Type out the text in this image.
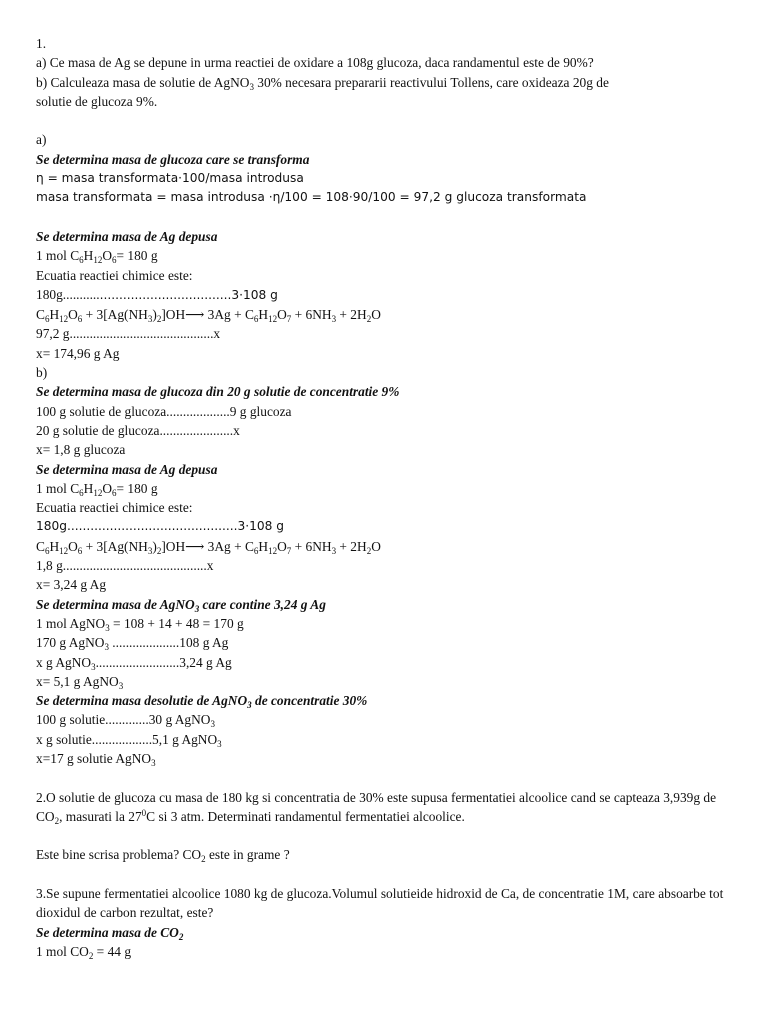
1.
a) Ce masa de Ag se depune in urma reactiei de oxidare a 108g glucoza, daca randamentul este de 90%?
b) Calculeaza masa de solutie de AgNO$_3$ 30% necesara prepararii reactivului Tollens, care oxideaza 20g de
solutie de glucoza 9%.
a)
Se determina masa de glucoza care se transforma
η = masa transformata·100/masa introdusa
masa transformata = masa introdusa ·η/100 = 108·90/100 = 97,2 g glucoza transformata
Se determina masa de Ag depusa
1 mol $C_6H_{12}O_6= 180$ g
Ecuatia reactiei chimice este:
180g.............................................3·108 g
$C_6H_{12}O_6$ + $3[Ag(NH_3)_2]OH⟶$ $3Ag + C_6H_{12}O_7 + 6NH_3 + 2H_2O$
97,2 g...........................................x
x= 174,96 g Ag
b)
Se determina masa de glucoza din 20 g solutie de concentratie 9%
100 g solutie de glucoza...................9 g glucoza
20 g solutie de glucoza......................x
x= 1,8 g glucoza
Se determina masa de Ag depusa
1 mol $C_6H_{12}O_6= 180$ g
Ecuatia reactiei chimice este:
180g............................................3·108 g
$C_6H_{12}O_6$ + $3[Ag(NH_3)_2]OH⟶$ $3Ag + C_6H_{12}O_7 + 6NH_3 + 2H_2O$
1,8 g...........................................x
x= 3,24 g Ag
Se determina masa de AgNO$_3$ care contine 3,24 g Ag
1 mol AgNO$_3$ = 108 + 14 + 48 = 170 g
170 g AgNO$_3$ ....................108 g Ag
x g AgNO$_3$.........................3,24 g Ag
x= 5,1 g AgNO$_3$
Se determina masa desolutie de AgNO$_3$ de concentratie 30%
100 g solutie.............30 g AgNO$_3$
x g solutie..................5,1 g AgNO$_3$
x=17 g solutie AgNO$_3$
2.O solutie de glucoza cu masa de 180 kg si concentratia de 30% este supusa fermentatiei alcoolice cand se capteaza 3,939g de $CO_2$, masurati la $27^0C$ si 3 atm. Determinati randamentul fermentatiei alcoolice.
Este bine scrisa problema? $CO_2$ este in grame ?
3.Se supune fermentatiei alcoolice 1080 kg de glucoza.Volumul solutieide hidroxid de Ca, de concentratie 1M, care absoarbe tot dioxidul de carbon rezultat, este?
Se determina masa de $CO_2$
1 mol $CO_2 = 44$ g
